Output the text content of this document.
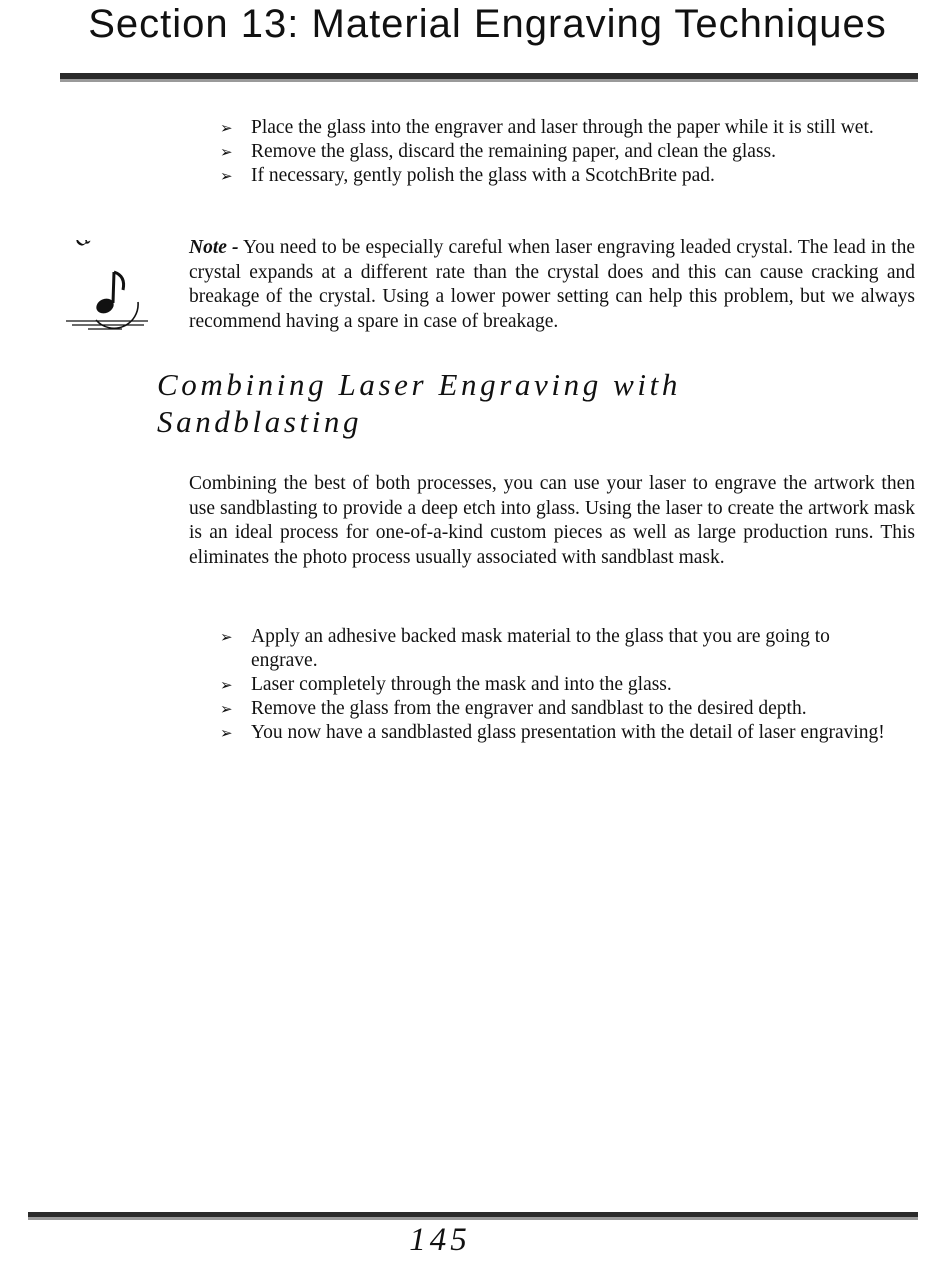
Section 13: Material Engraving Techniques
➢ Place the glass into the engraver and laser through the paper while it is still wet.
➢ Remove the glass, discard the remaining paper, and clean the glass.
➢ If necessary, gently polish the glass with a ScotchBrite pad.
Q	Note - You need to be especially careful when laser engraving leaded crystal. The lead in the crystal expands at a different rate than the crystal does and this can cause cracking and breakage of the crystal. Using a lower power setting can help this problem, but we always recommend having a spare in case of breakage.
Combining Laser Engraving with Sandblasting
Combining the best of both processes, you can use your laser to engrave the artwork then use sandblasting to provide a deep etch into glass. Using the laser to create the artwork mask is an ideal process for one-of-a-kind custom pieces as well as large production runs. This eliminates the photo process usually associated with sandblast mask.
➢ Apply an adhesive backed mask material to the glass that you are going to engrave.
➢ Laser completely through the mask and into the glass.
➢ Remove the glass from the engraver and sandblast to the desired depth.
➢ You now have a sandblasted glass presentation with the detail of laser engraving!
145
